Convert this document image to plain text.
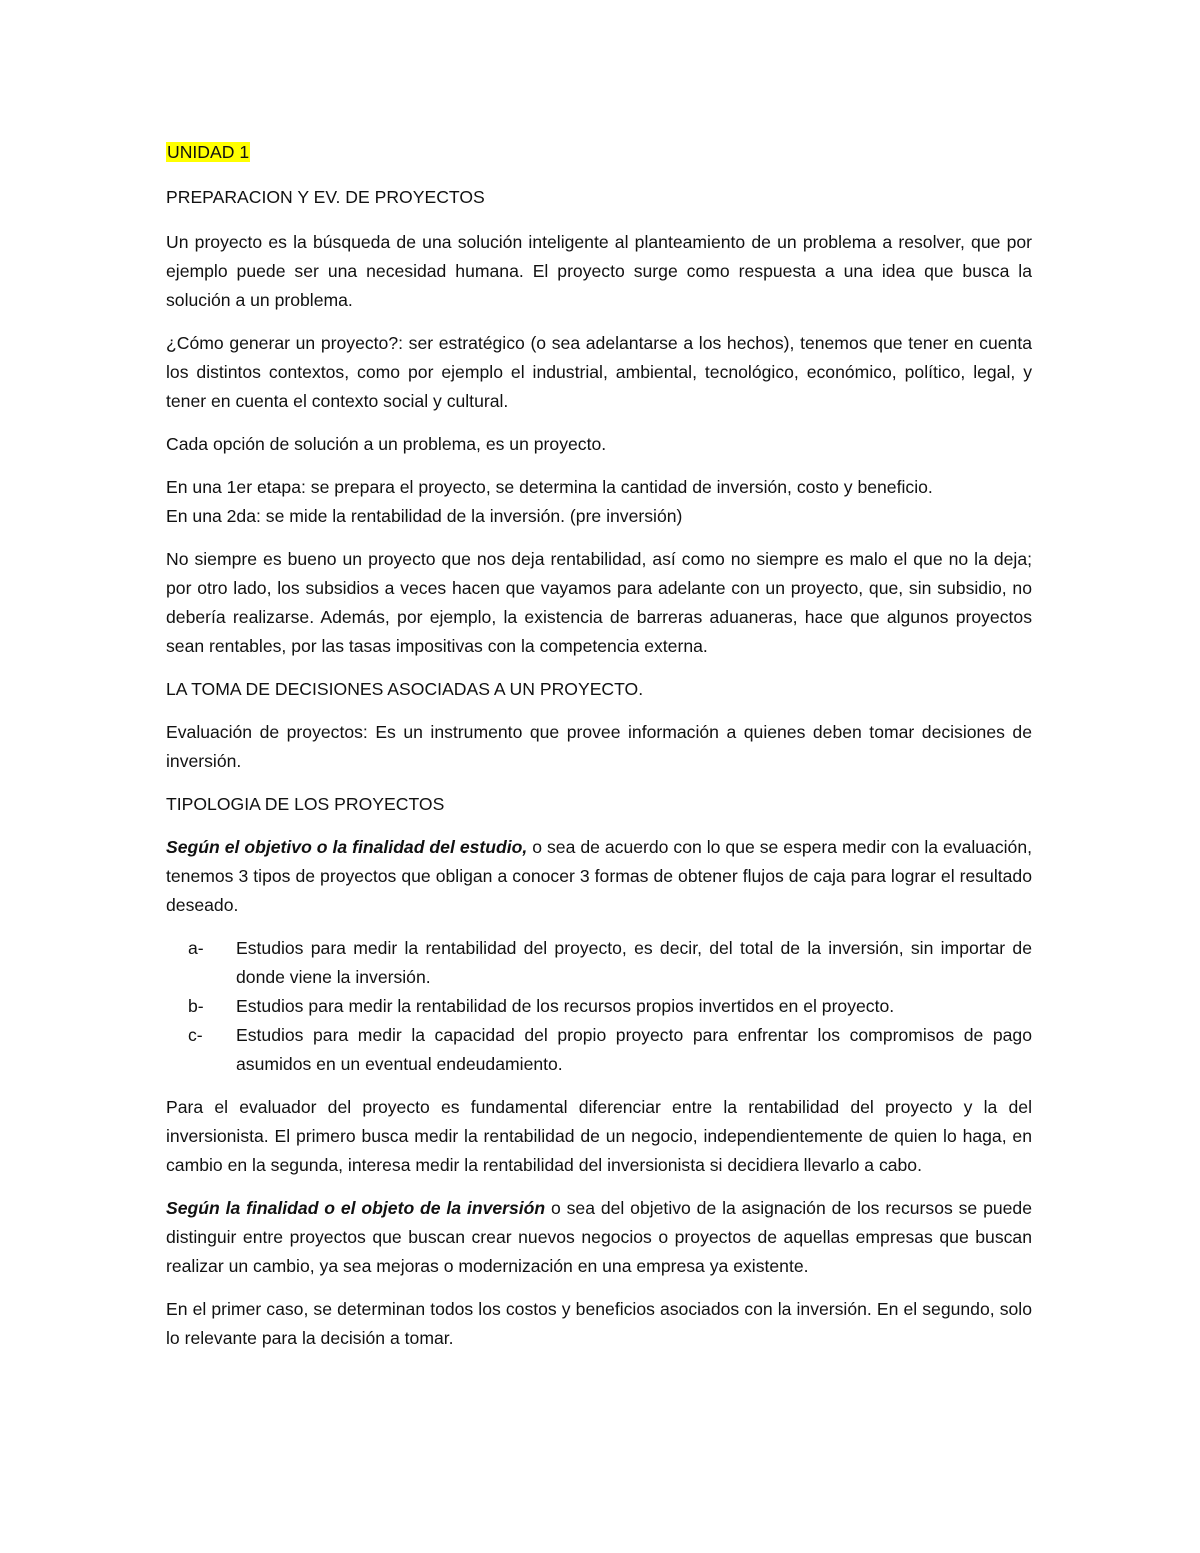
UNIDAD 1

PREPARACION Y EV. DE PROYECTOS

Un proyecto es la búsqueda de una solución inteligente al planteamiento de un problema a resolver, que por ejemplo puede ser una necesidad humana. El proyecto surge como respuesta a una idea que busca la solución a un problema.

¿Cómo generar un proyecto?: ser estratégico (o sea adelantarse a los hechos), tenemos que tener en cuenta los distintos contextos, como por ejemplo el industrial, ambiental, tecnológico, económico, político, legal, y tener en cuenta el contexto social y cultural.

Cada opción de solución a un problema, es un proyecto.

En una 1er etapa: se prepara el proyecto, se determina la cantidad de inversión, costo y beneficio.

En una 2da: se mide la rentabilidad de la inversión. (pre inversión)

No siempre es bueno un proyecto que nos deja rentabilidad, así como no siempre es malo el que no la deja; por otro lado, los subsidios a veces hacen que vayamos para adelante con un proyecto, que, sin subsidio, no debería realizarse. Además, por ejemplo, la existencia de barreras aduaneras, hace que algunos proyectos sean rentables, por las tasas impositivas con la competencia externa.

LA TOMA DE DECISIONES ASOCIADAS A UN PROYECTO.

Evaluación de proyectos: Es un instrumento que provee información a quienes deben tomar decisiones de inversión.

TIPOLOGIA DE LOS PROYECTOS

Según el objetivo o la finalidad del estudio, o sea de acuerdo con lo que se espera medir con la evaluación, tenemos 3 tipos de proyectos que obligan a conocer 3 formas de obtener flujos de caja para lograr el resultado deseado.

a- Estudios para medir la rentabilidad del proyecto, es decir, del total de la inversión, sin importar de donde viene la inversión.
b- Estudios para medir la rentabilidad de los recursos propios invertidos en el proyecto.
c- Estudios para medir la capacidad del propio proyecto para enfrentar los compromisos de pago asumidos en un eventual endeudamiento.

Para el evaluador del proyecto es fundamental diferenciar entre la rentabilidad del proyecto y la del inversionista. El primero busca medir la rentabilidad de un negocio, independientemente de quien lo haga, en cambio en la segunda, interesa medir la rentabilidad del inversionista si decidiera llevarlo a cabo.

Según la finalidad o el objeto de la inversión o sea del objetivo de la asignación de los recursos se puede distinguir entre proyectos que buscan crear nuevos negocios o proyectos de aquellas empresas que buscan realizar un cambio, ya sea mejoras o modernización en una empresa ya existente.

En el primer caso, se determinan todos los costos y beneficios asociados con la inversión. En el segundo, solo lo relevante para la decisión a tomar.
